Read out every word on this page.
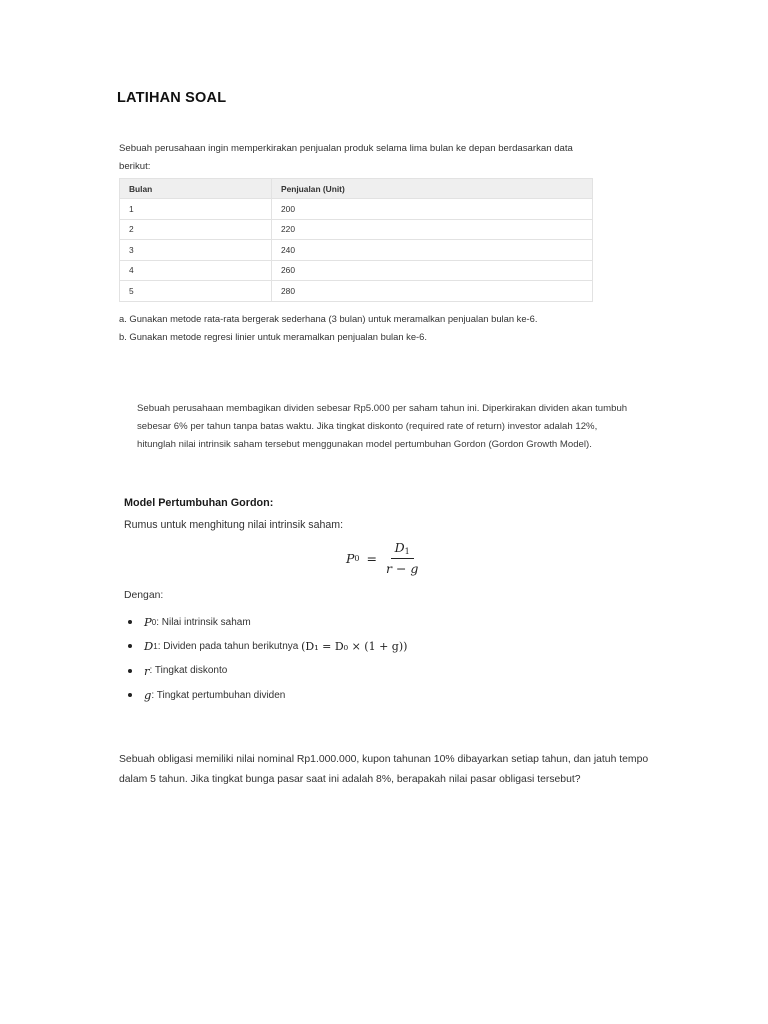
LATIHAN SOAL
Sebuah perusahaan ingin memperkirakan penjualan produk selama lima bulan ke depan berdasarkan data berikut:
Bulan	Penjualan (Unit)
1	200
2	220
3	240
4	260
5	280
a. Gunakan metode rata-rata bergerak sederhana (3 bulan) untuk meramalkan penjualan bulan ke-6.
b. Gunakan metode regresi linier untuk meramalkan penjualan bulan ke-6.
Sebuah perusahaan membagikan dividen sebesar Rp5.000 per saham tahun ini. Diperkirakan dividen akan tumbuh sebesar 6% per tahun tanpa batas waktu. Jika tingkat diskonto (required rate of return) investor adalah 12%, hitunglah nilai intrinsik saham tersebut menggunakan model pertumbuhan Gordon (Gordon Growth Model).
Model Pertumbuhan Gordon:
Rumus untuk menghitung nilai intrinsik saham:
P $0 = \frac{D_1}{r - g}$
Dengan:
P 0 : Nilai intrinsik saham
D 1 : Dividen pada tahun berikutnya (D₁ = D₀ × (1 + g))
r : Tingkat diskonto
g : Tingkat pertumbuhan dividen
Sebuah obligasi memiliki nilai nominal Rp1.000.000, kupon tahunan 10% dibayarkan setiap tahun, dan jatuh tempo dalam 5 tahun. Jika tingkat bunga pasar saat ini adalah 8%, berapakah nilai pasar obligasi tersebut?
